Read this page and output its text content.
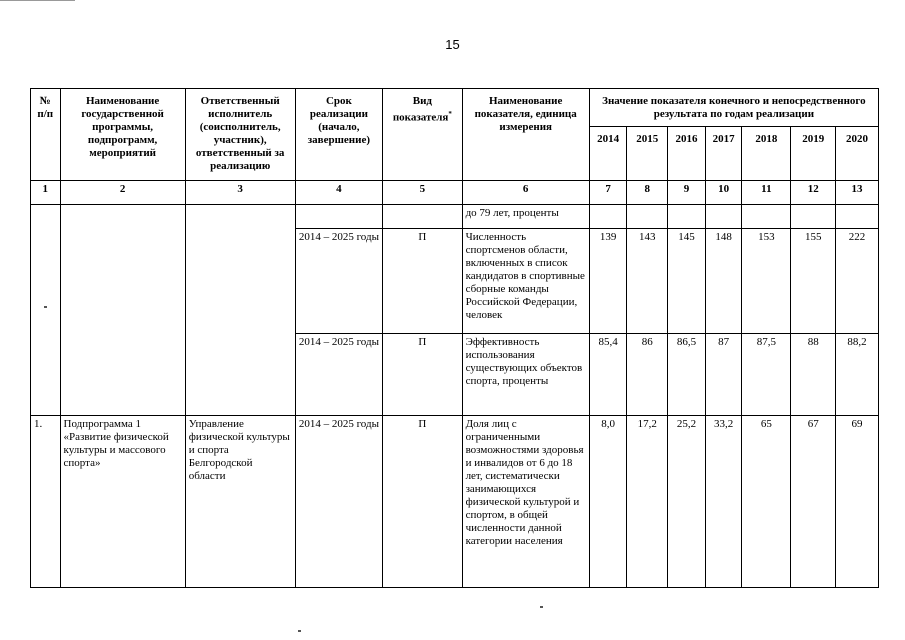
15
№ п/п	Наименование государственной программы, подпрограмм, мероприятий	Ответственный исполнитель (соисполнитель, участник), ответственный за реализацию	Срок реализации (начало, завершение)	Вид показателя*	Наименование показателя, единица измерения	Значение показателя конечного и непосредственного результата по годам реализации						
						2014	2015	2016	2017	2018	2019	2020
1	2	3	4	5	6	7	8	9	10	11	12	13
					до 79 лет, проценты							
			2014 – 2025 годы	П	Численность спортсменов области, включенных в список кандидатов в спортивные сборные команды Российской Федерации, человек	139	143	145	148	153	155	222
			2014 – 2025 годы	П	Эффективность использования существующих объектов спорта, проценты	85,4	86	86,5	87	87,5	88	88,2
1.	Подпрограмма 1 «Развитие физической культуры и массового спорта»	Управление физической культуры и спорта Белгородской области	2014 – 2025 годы	П	Доля лиц с ограниченными возможностями здоровья и инвалидов от 6 до 18 лет, систематически занимающихся физической культурой и спортом, в общей численности данной категории населения	8,0	17,2	25,2	33,2	65	67	69
